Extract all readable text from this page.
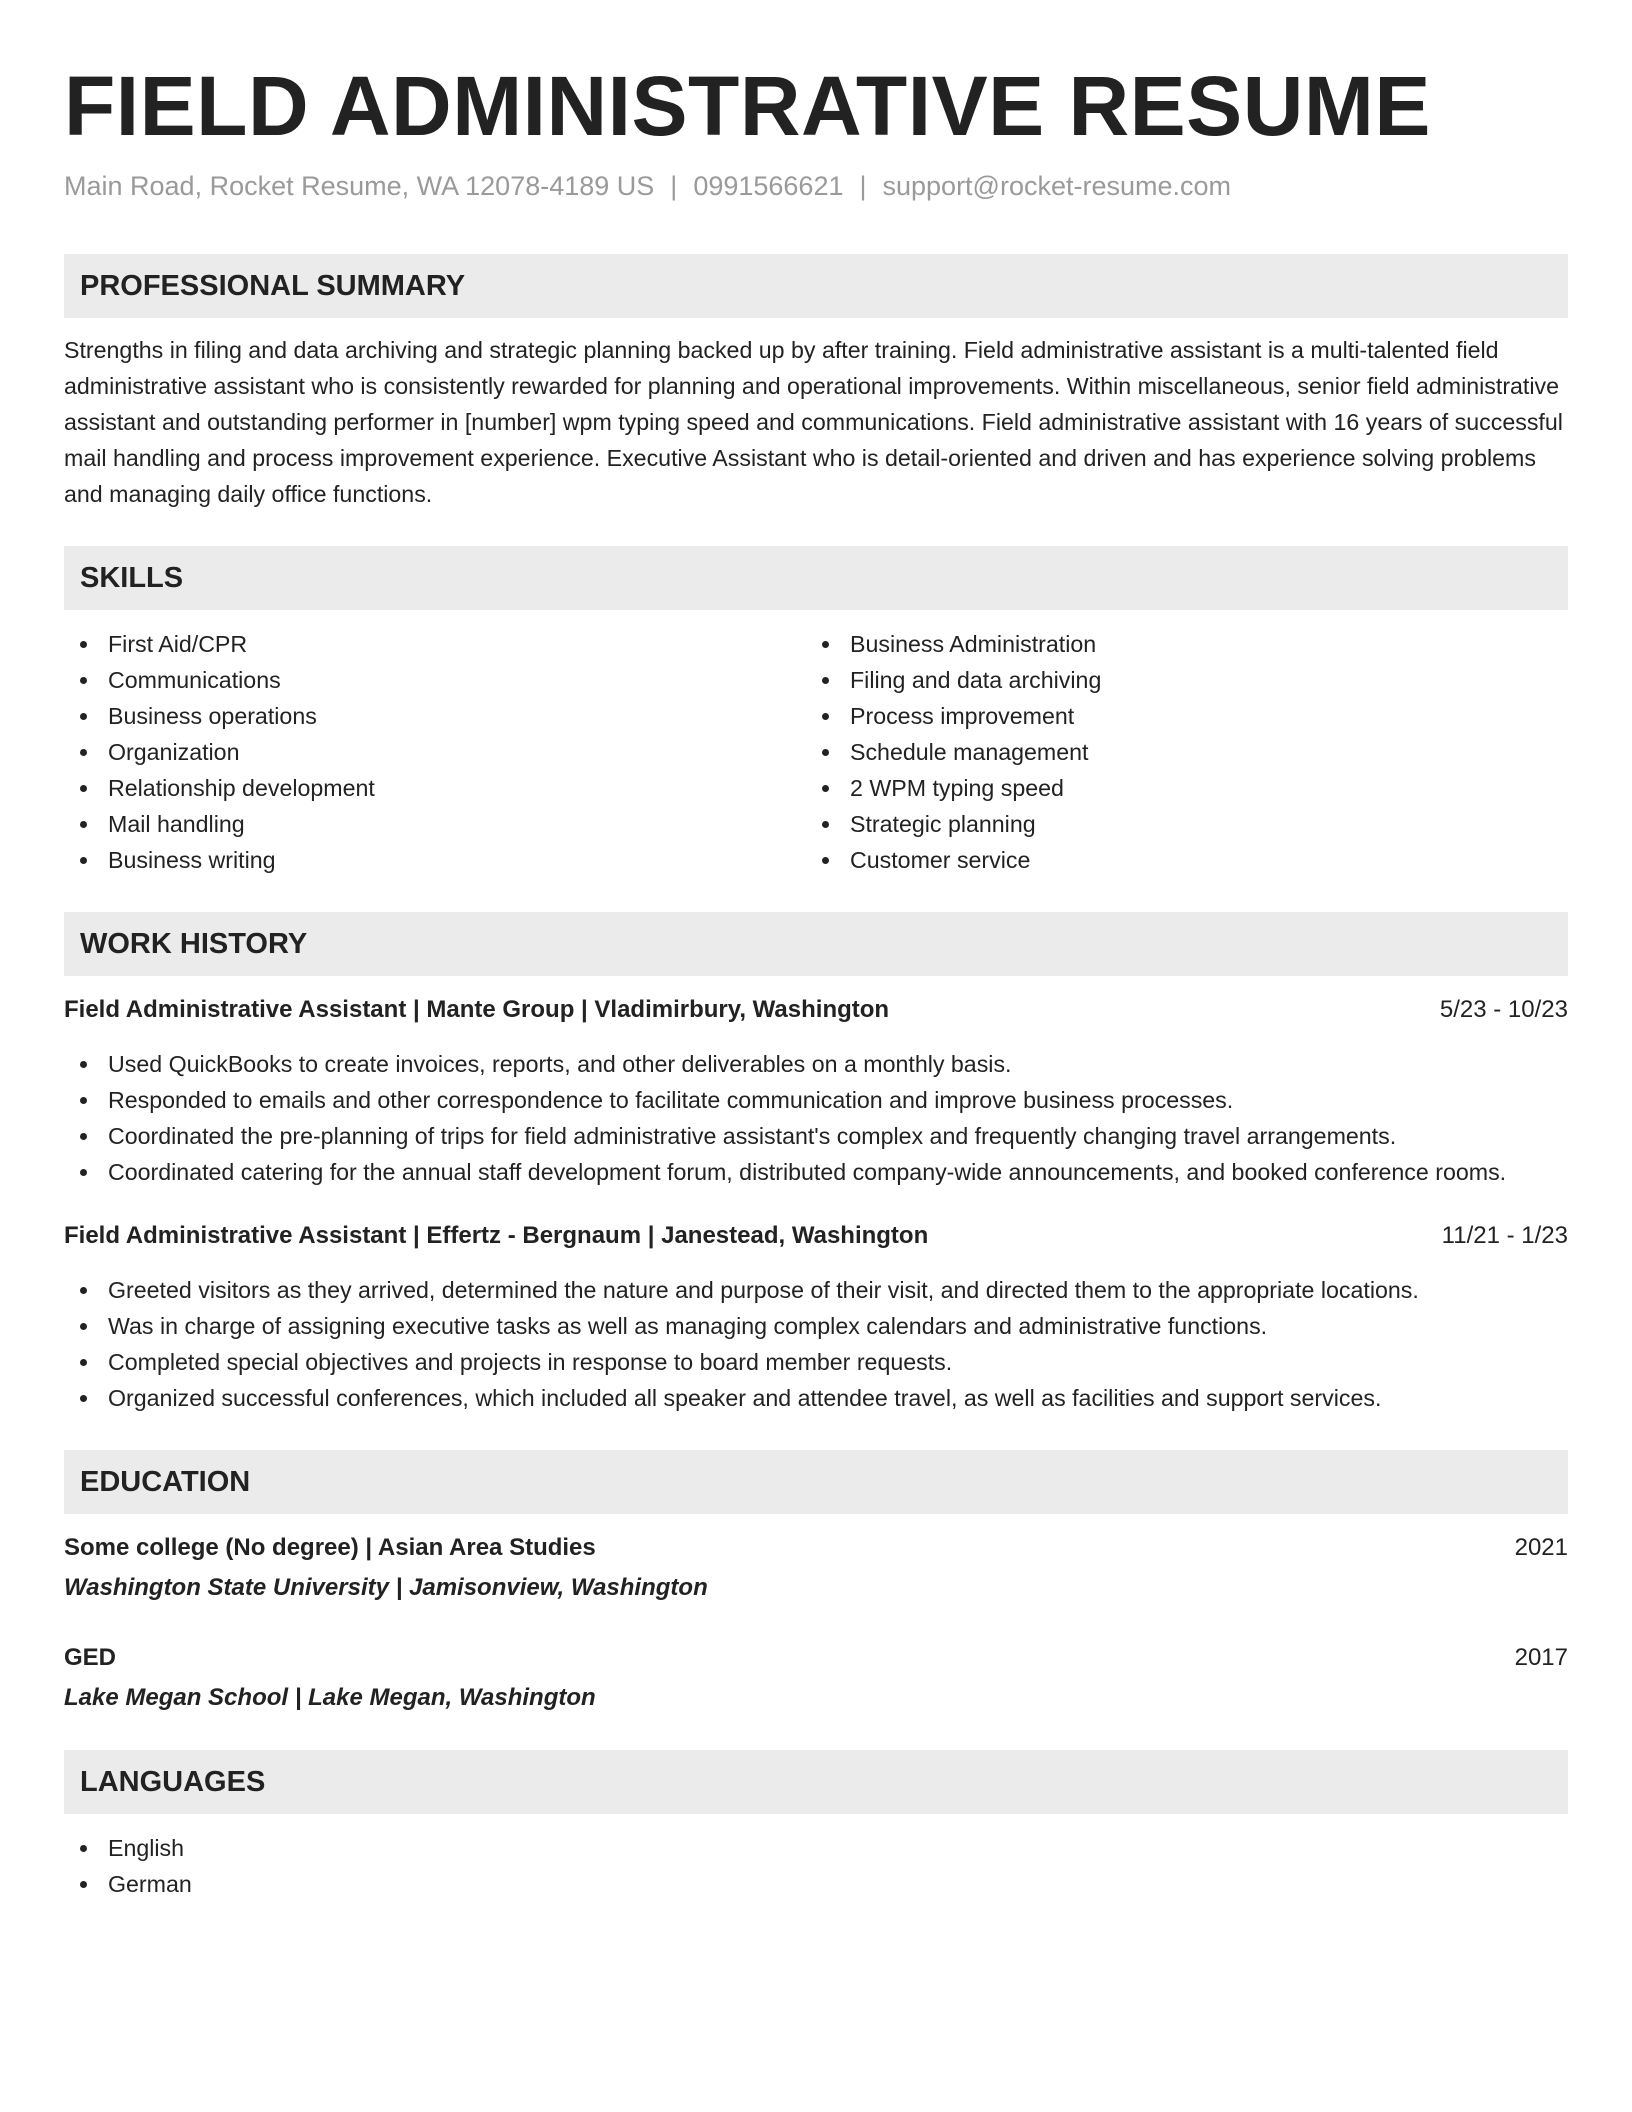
FIELD ADMINISTRATIVE RESUME
Main Road, Rocket Resume, WA 12078-4189 US | 0991566621 | support@rocket-resume.com
PROFESSIONAL SUMMARY
Strengths in filing and data archiving and strategic planning backed up by after training. Field administrative assistant is a multi-talented field administrative assistant who is consistently rewarded for planning and operational improvements. Within miscellaneous, senior field administrative assistant and outstanding performer in [number] wpm typing speed and communications. Field administrative assistant with 16 years of successful mail handling and process improvement experience. Executive Assistant who is detail-oriented and driven and has experience solving problems and managing daily office functions.
SKILLS
First Aid/CPR
Communications
Business operations
Organization
Relationship development
Mail handling
Business writing
Business Administration
Filing and data archiving
Process improvement
Schedule management
2 WPM typing speed
Strategic planning
Customer service
WORK HISTORY
Field Administrative Assistant | Mante Group | Vladimirbury, Washington	5/23 - 10/23
Used QuickBooks to create invoices, reports, and other deliverables on a monthly basis.
Responded to emails and other correspondence to facilitate communication and improve business processes.
Coordinated the pre-planning of trips for field administrative assistant's complex and frequently changing travel arrangements.
Coordinated catering for the annual staff development forum, distributed company-wide announcements, and booked conference rooms.
Field Administrative Assistant | Effertz - Bergnaum | Janestead, Washington	11/21 - 1/23
Greeted visitors as they arrived, determined the nature and purpose of their visit, and directed them to the appropriate locations.
Was in charge of assigning executive tasks as well as managing complex calendars and administrative functions.
Completed special objectives and projects in response to board member requests.
Organized successful conferences, which included all speaker and attendee travel, as well as facilities and support services.
EDUCATION
Some college (No degree) | Asian Area Studies	2021
Washington State University | Jamisonview, Washington
GED	2017
Lake Megan School | Lake Megan, Washington
LANGUAGES
English
German
